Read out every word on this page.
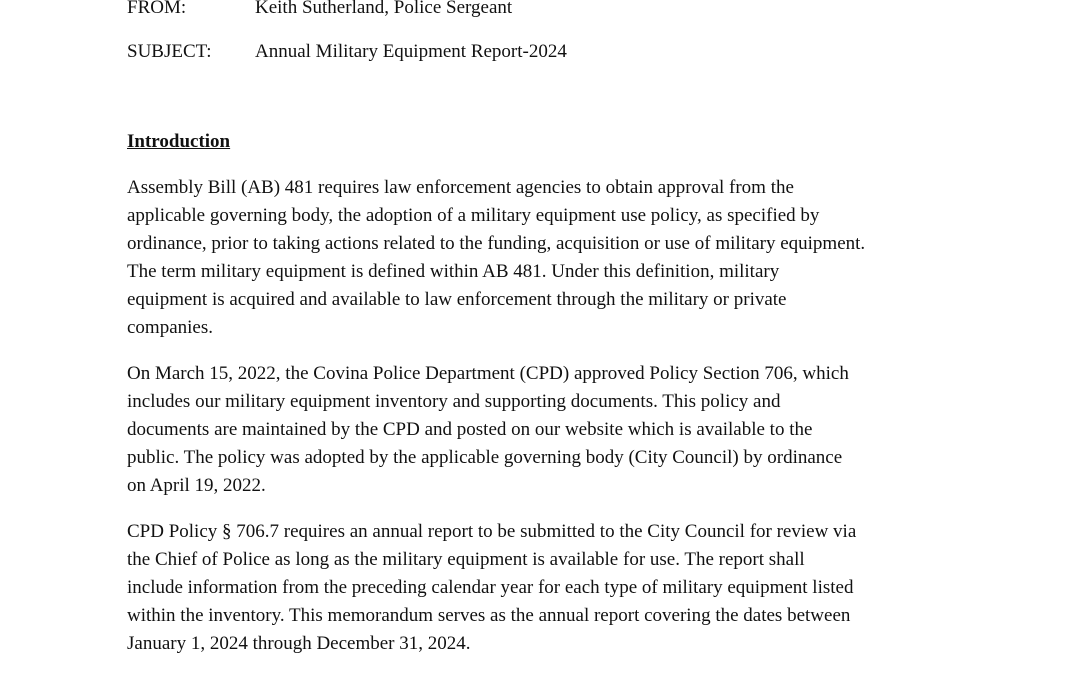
FROM:	Keith Sutherland, Police Sergeant
SUBJECT: Annual Military Equipment Report-2024
Introduction

Assembly Bill (AB) 481 requires law enforcement agencies to obtain approval from the
applicable governing body, the adoption of a military equipment use policy, as specified by
ordinance, prior to taking actions related to the funding, acquisition or use of military equipment.
The term military equipment is defined within AB 481. Under this definition, military
equipment is acquired and available to law enforcement through the military or private
companies.

On March 15, 2022, the Covina Police Department (CPD) approved Policy Section 706, which
includes our military equipment inventory and supporting documents. This policy and
documents are maintained by the CPD and posted on our website which is available to the
public. The policy was adopted by the applicable governing body (City Council) by ordinance
on April 19, 2022.

CPD Policy § 706.7 requires an annual report to be submitted to the City Council for review via
the Chief of Police as long as the military equipment is available for use. The report shall
include information from the preceding calendar year for each type of military equipment listed
within the inventory. This memorandum serves as the annual report covering the dates between
January 1, 2024 through December 31, 2024.
